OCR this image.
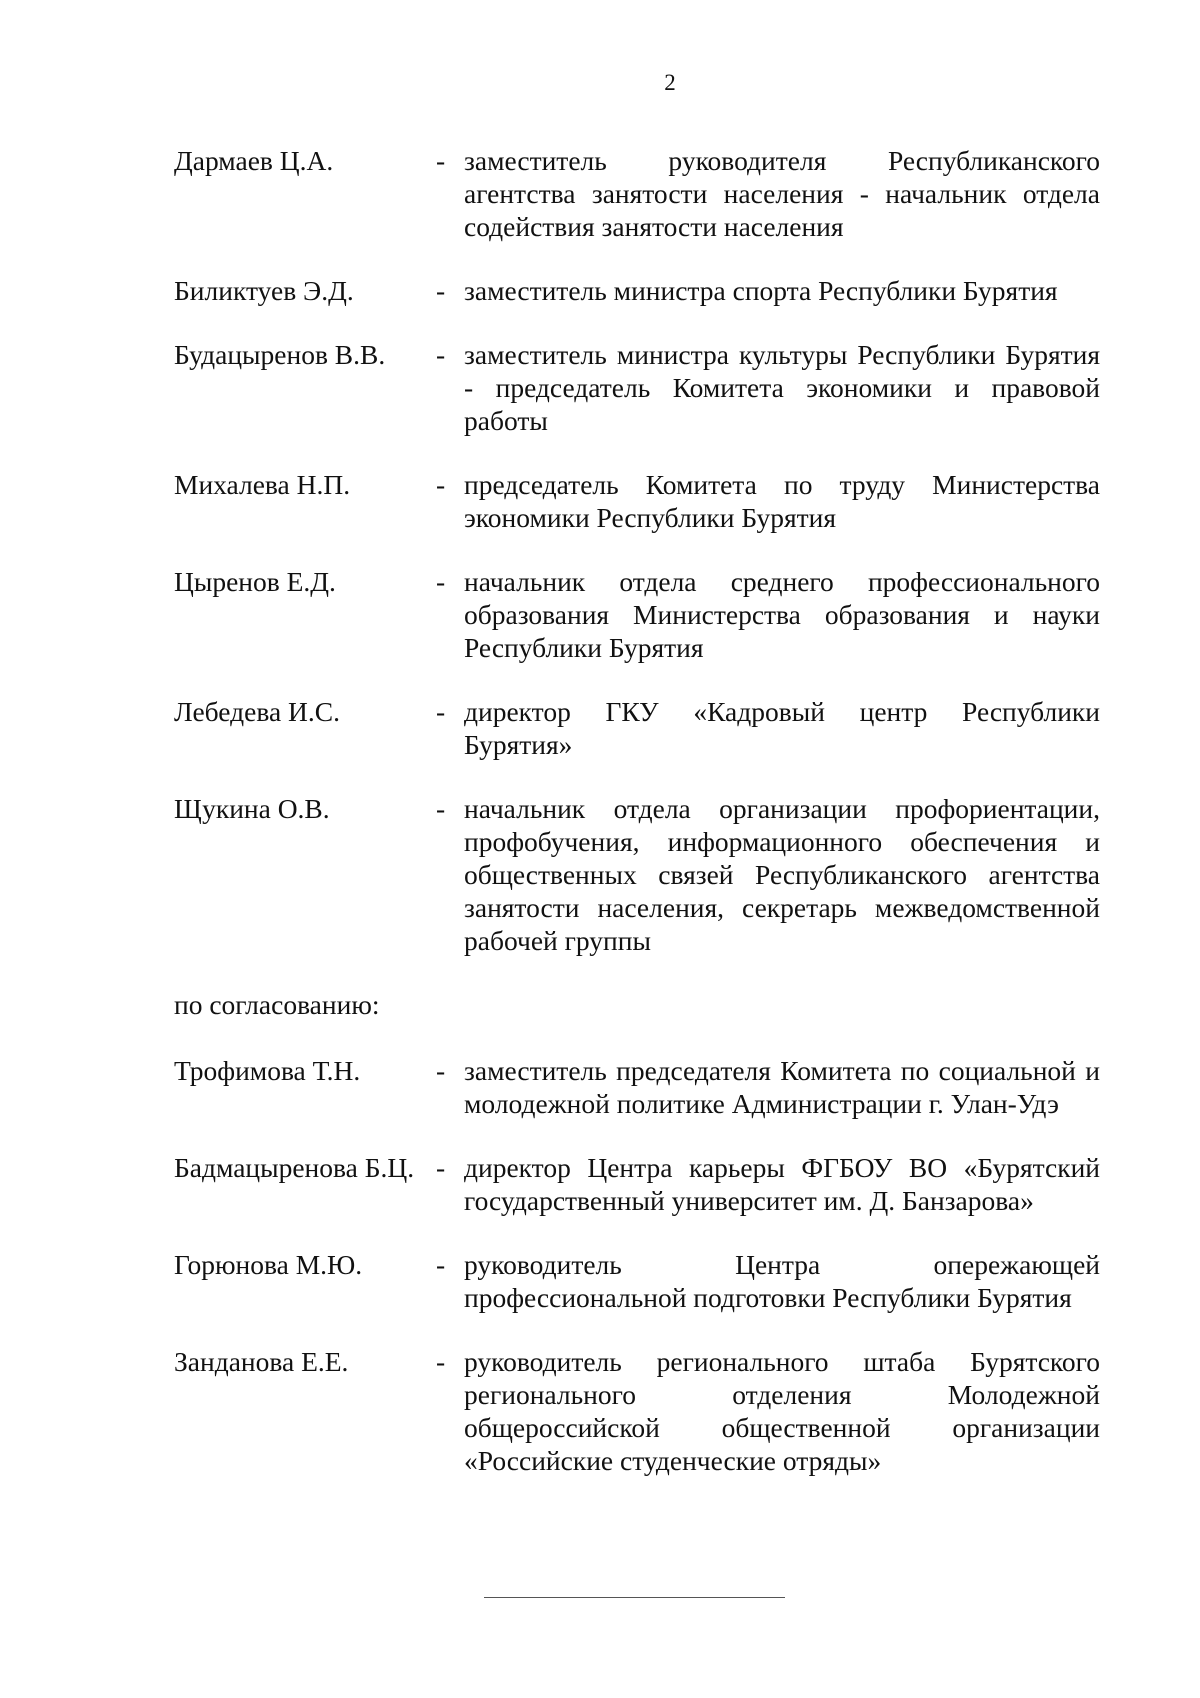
2
Дармаев Ц.А.	- заместитель руководителя Республиканского агентства занятости населения - начальник отдела содействия занятости населения
Биликтуев Э.Д.	- заместитель министра спорта Республики Бурятия
Будацыренов В.В.	- заместитель министра культуры Республики Бурятия - председатель Комитета экономики и правовой работы
Михалева Н.П.	- председатель Комитета по труду Министерства экономики Республики Бурятия
Цыренов Е.Д.	- начальник отдела среднего профессионального образования Министерства образования и науки Республики Бурятия
Лебедева И.С.	- директор ГКУ «Кадровый центр Республики Бурятия»
Щукина О.В.	- начальник отдела организации профориентации, профобучения, информационного обеспечения и общественных связей Республиканского агентства занятости населения, секретарь межведомственной рабочей группы
по согласованию:
Трофимова Т.Н.	- заместитель председателя Комитета по социальной и молодежной политике Администрации г. Улан-Удэ
Бадмацыренова Б.Ц. - директор Центра карьеры ФГБОУ ВО «Бурятский государственный университет им. Д. Банзарова»
Горюнова М.Ю.	- руководитель Центра опережающей профессиональной подготовки Республики Бурятия
Занданова Е.Е.	- руководитель регионального штаба Бурятского регионального отделения Молодежной общероссийской общественной организации «Российские студенческие отряды»
